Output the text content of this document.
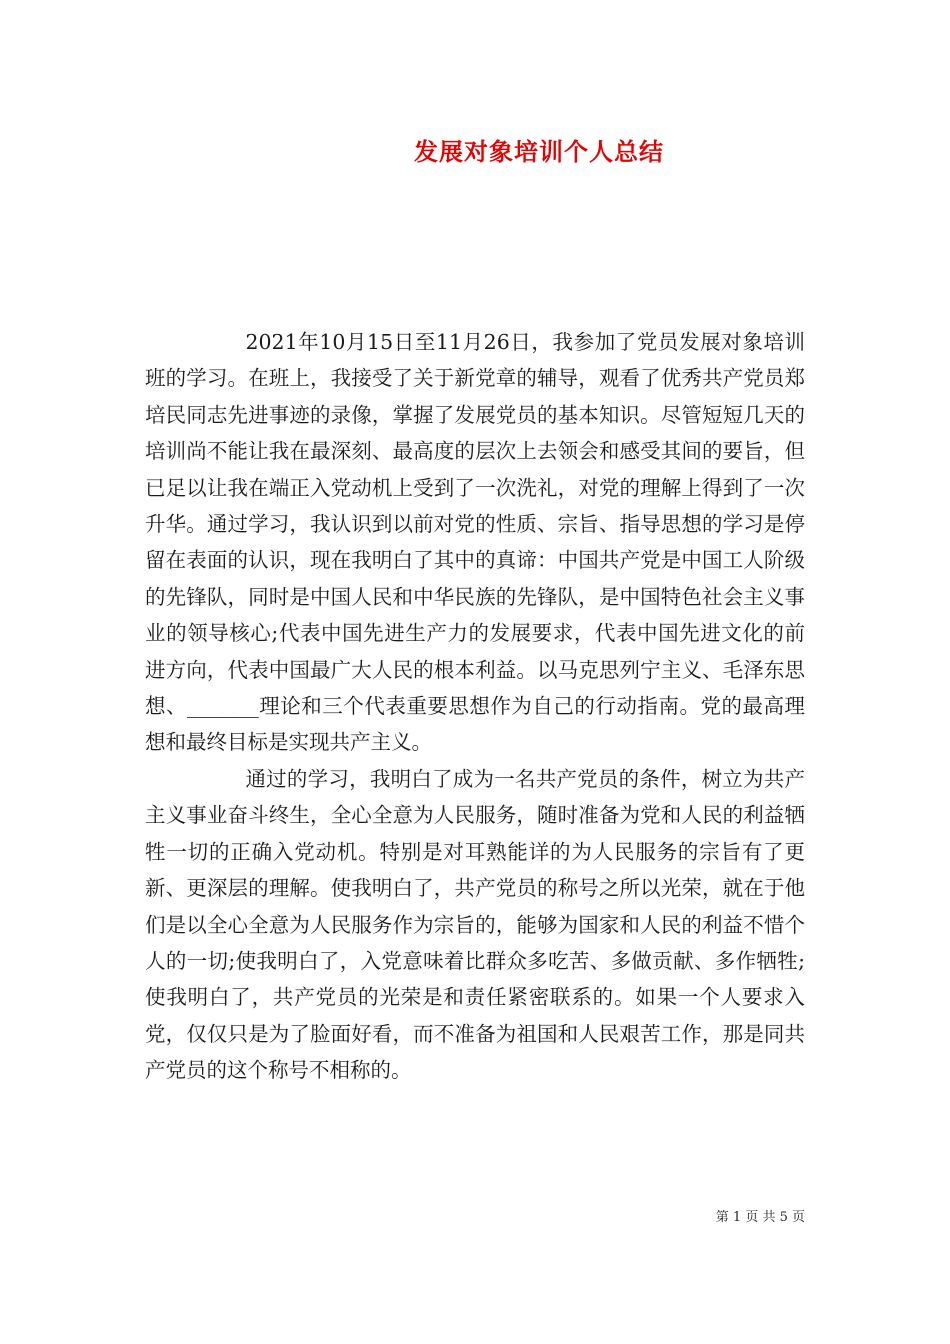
发展对象培训个人总结

2021年10月15日至11月26日，我参加了党员发展对象培训班的学习。在班上，我接受了关于新党章的辅导，观看了优秀共产党员郑培民同志先进事迹的录像，掌握了发展党员的基本知识。尽管短短几天的培训尚不能让我在最深刻、最高度的层次上去领会和感受其间的要旨，但已足以让我在端正入党动机上受到了一次洗礼，对党的理解上得到了一次升华。通过学习，我认识到以前对党的性质、宗旨、指导思想的学习是停留在表面的认识，现在我明白了其中的真谛：中国共产党是中国工人阶级的先锋队，同时是中国人民和中华民族的先锋队，是中国特色社会主义事业的领导核心;代表中国先进生产力的发展要求，代表中国先进文化的前进方向，代表中国最广大人民的根本利益。以马克思列宁主义、毛泽东思想、_______理论和三个代表重要思想作为自己的行动指南。党的最高理想和最终目标是实现共产主义。

通过的学习，我明白了成为一名共产党员的条件，树立为共产主义事业奋斗终生，全心全意为人民服务，随时准备为党和人民的利益牺牲一切的正确入党动机。特别是对耳熟能详的为人民服务的宗旨有了更新、更深层的理解。使我明白了，共产党员的称号之所以光荣，就在于他们是以全心全意为人民服务作为宗旨的，能够为国家和人民的利益不惜个人的一切;使我明白了，入党意味着比群众多吃苦、多做贡献、多作牺牲;使我明白了，共产党员的光荣是和责任紧密联系的。如果一个人要求入党，仅仅只是为了脸面好看，而不准备为祖国和人民艰苦工作，那是同共产党员的这个称号不相称的。

第 1 页 共 5 页
